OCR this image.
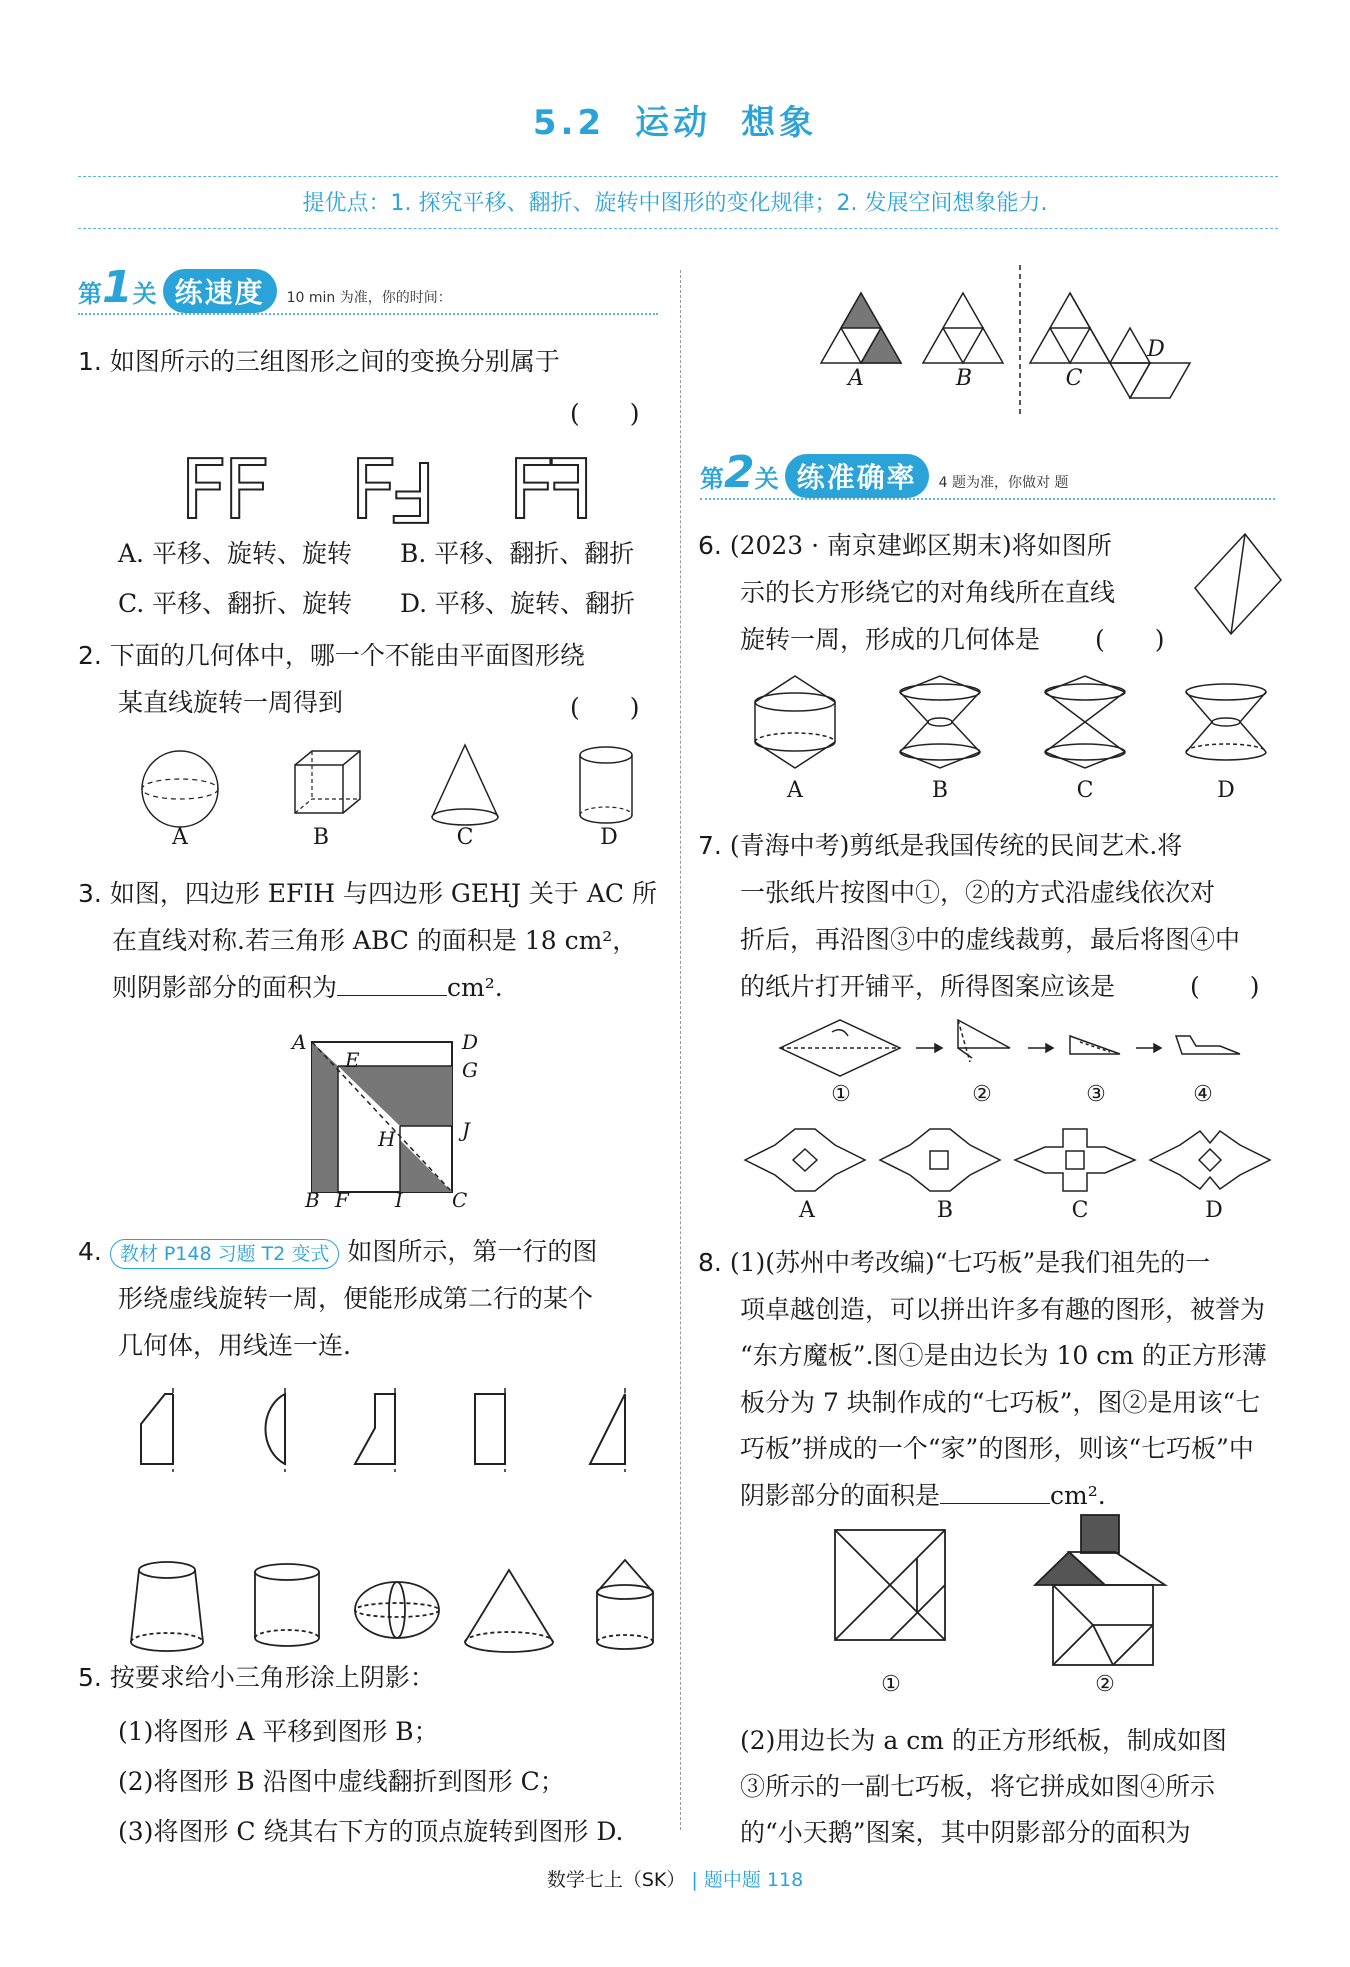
5.2 运动 想象
提优点：1. 探究平移、翻折、旋转中图形的变化规律；2. 发展空间想象能力.
第1关 练速度 10 min 为准，你的时间：
1. 如图所示的三组图形之间的变换分别属于
(　　)
FF FF FF
A. 平移、旋转、旋转 B. 平移、翻折、翻折
C. 平移、翻折、旋转 D. 平移、旋转、翻折
2. 下面的几何体中，哪一个不能由平面图形绕
某直线旋转一周得到	(　　)
A	B	C	D
3. 如图，四边形 EFIH 与四边形 GEHJ 关于 AC 所
在直线对称.若三角形 ABC 的面积是 18 cm²，
则阴影部分的面积为	cm².
A	D
E	G
H	J
B F I C
4. 教材 P148 习题 T2 变式 如图所示，第一行的图
形绕虚线旋转一周，便能形成第二行的某个
几何体，用线连一连.
5. 按要求给小三角形涂上阴影：
(1)将图形 A 平移到图形 B；
(2)将图形 B 沿图中虚线翻折到图形 C；
(3)将图形 C 绕其右下方的顶点旋转到图形 D.
A	B	C
D
第2关 练准确率 4 题为准，你做对 题
6. (2023 · 南京建邺区期末)将如图所
示的长方形绕它的对角线所在直线
旋转一周，形成的几何体是	(　　)
A	B	C	D
7. (青海中考)剪纸是我国传统的民间艺术.将
一张纸片按图中①，②的方式沿虚线依次对
折后，再沿图③中的虚线裁剪，最后将图④中
的纸片打开铺平，所得图案应该是	(　　)
①	②	③	④
A	B	C	D
8. (1)(苏州中考改编)“七巧板”是我们祖先的一
项卓越创造，可以拼出许多有趣的图形，被誉为
“东方魔板”.图①是由边长为 10 cm 的正方形薄
板分为 7 块制作成的“七巧板”，图②是用该“七
巧板”拼成的一个“家”的图形，则该“七巧板”中
阴影部分的面积是	cm².
①	②
(2)用边长为 a cm 的正方形纸板，制成如图
③所示的一副七巧板，将它拼成如图④所示
的“小天鹅”图案，其中阴影部分的面积为
数学七上（SK） | 题中题 118
